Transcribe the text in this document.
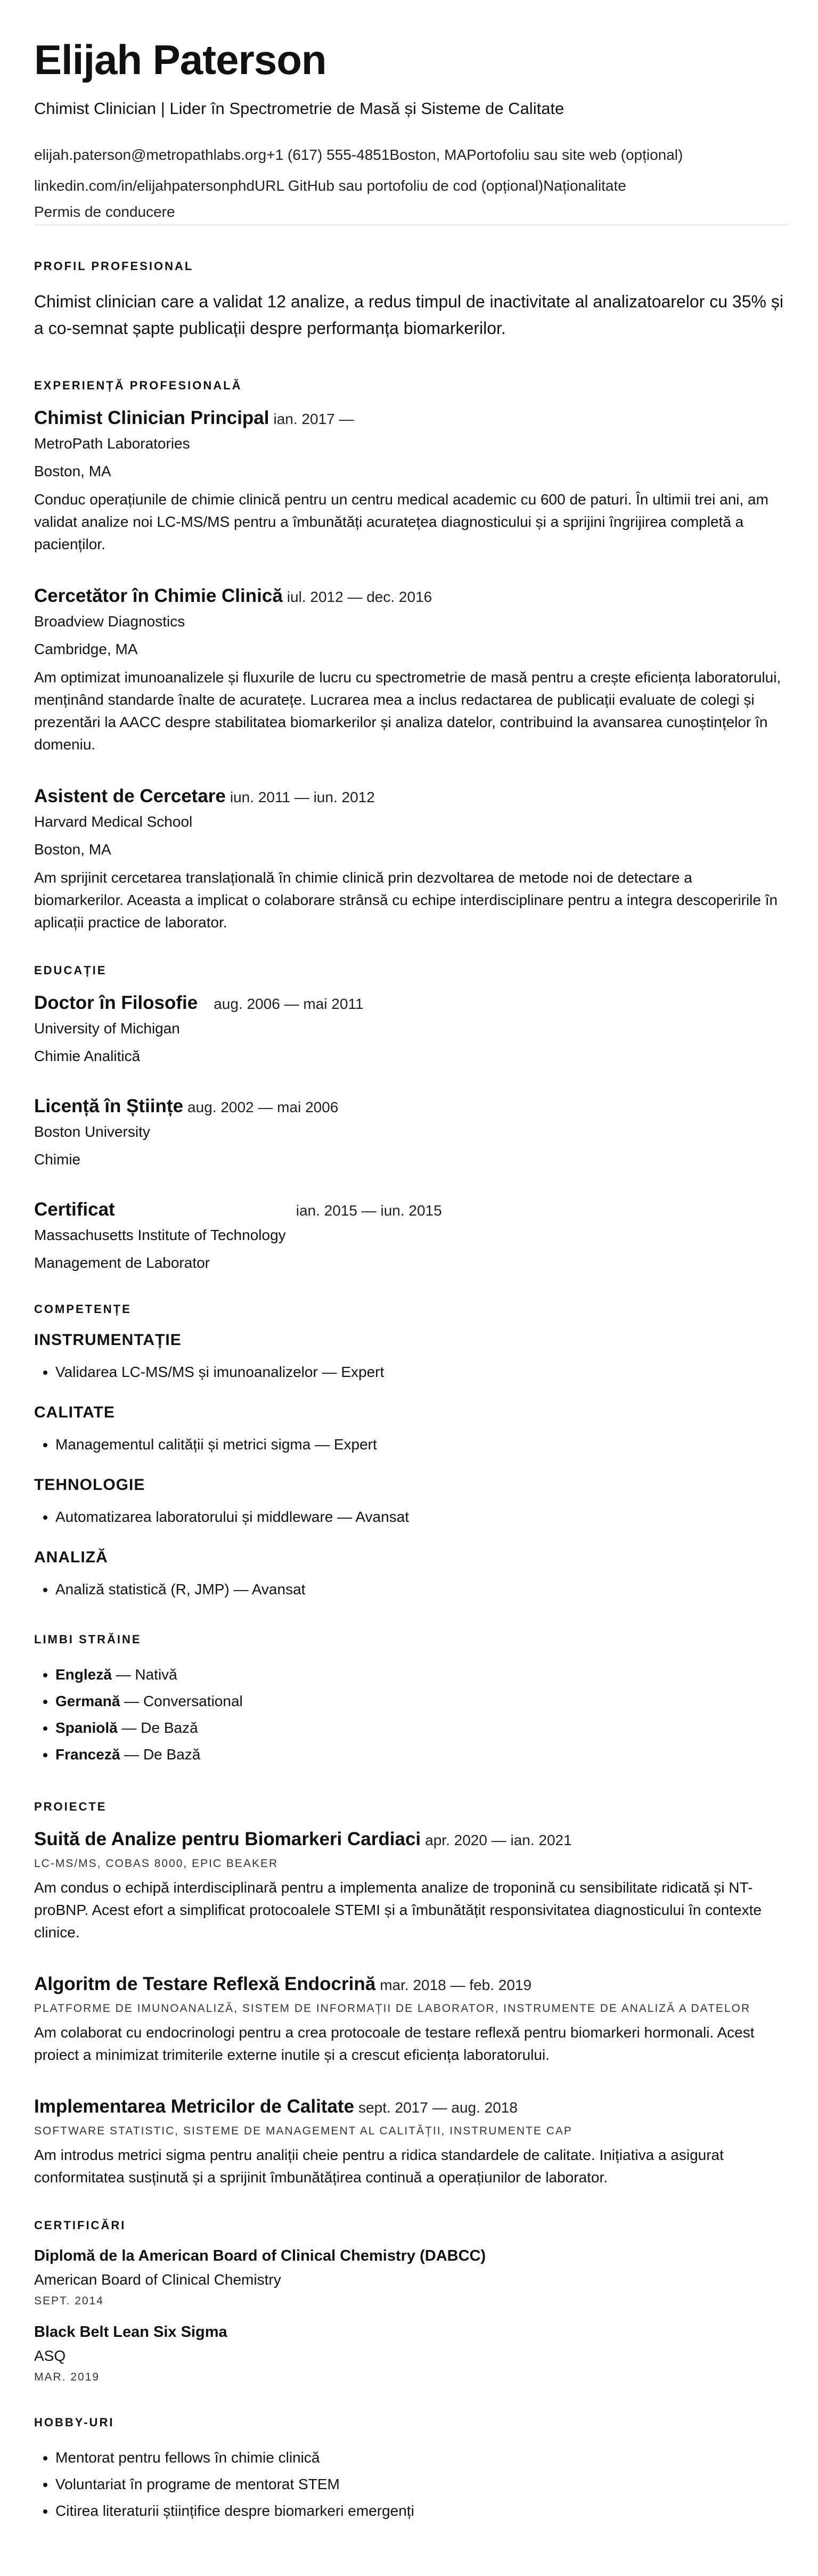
Elijah Paterson
Chimist Clinician | Lider în Spectrometrie de Masă și Sisteme de Calitate
elijah.paterson@metropathlabs.org+1 (617) 555-4851Boston, MAPortofoliu sau site web (opțional)
linkedin.com/in/elijahpatersonphdURL GitHub sau portofoliu de cod (opțional)Naționalitate
Permis de conducere
PROFIL PROFESIONAL
Chimist clinician care a validat 12 analize, a redus timpul de inactivitate al analizatoarelor cu 35% și a co-semnat șapte publicații despre performanța biomarkerilor.
EXPERIENȚĂ PROFESIONALĂ
Chimist Clinician Principal ian. 2017 —
MetroPath Laboratories
Boston, MA
Conduc operațiunile de chimie clinică pentru un centru medical academic cu 600 de paturi. În ultimii trei ani, am validat analize noi LC-MS/MS pentru a îmbunătăți acuratețea diagnosticului și a sprijini îngrijirea completă a pacienților.
Cercetător în Chimie Clinică iul. 2012 — dec. 2016
Broadview Diagnostics
Cambridge, MA
Am optimizat imunoanalizele și fluxurile de lucru cu spectrometrie de masă pentru a crește eficiența laboratorului, menținând standarde înalte de acuratețe. Lucrarea mea a inclus redactarea de publicații evaluate de colegi și prezentări la AACC despre stabilitatea biomarkerilor și analiza datelor, contribuind la avansarea cunoștințelor în domeniu.
Asistent de Cercetare iun. 2011 — iun. 2012
Harvard Medical School
Boston, MA
Am sprijinit cercetarea translațională în chimie clinică prin dezvoltarea de metode noi de detectare a biomarkerilor. Aceasta a implicat o colaborare strânsă cu echipe interdisciplinare pentru a integra descoperirile în aplicații practice de laborator.
EDUCAȚIE
Doctor în Filosofie aug. 2006 — mai 2011
University of Michigan
Chimie Analitică
Licență în Științe aug. 2002 — mai 2006
Boston University
Chimie
Certificat	ian. 2015 — iun. 2015
Massachusetts Institute of Technology
Management de Laborator
COMPETENȚE
INSTRUMENTAȚIE
• Validarea LC-MS/MS și imunoanalizelor — Expert
CALITATE
• Managementul calității și metrici sigma — Expert
TEHNOLOGIE
• Automatizarea laboratorului și middleware — Avansat
ANALIZĂ
• Analiză statistică (R, JMP) — Avansat
LIMBI STRĂINE
• Engleză — Nativă
• Germană — Conversational
• Spaniolă — De Bază
• Franceză — De Bază
PROIECTE
Suită de Analize pentru Biomarkeri Cardiaci apr. 2020 — ian. 2021
LC-MS/MS, COBAS 8000, EPIC BEAKER
Am condus o echipă interdisciplinară pentru a implementa analize de troponină cu sensibilitate ridicată și NT-proBNP. Acest efort a simplificat protocoalele STEMI și a îmbunătățit responsivitatea diagnosticului în contexte clinice.
Algoritm de Testare Reflexă Endocrină mar. 2018 — feb. 2019
PLATFORME DE IMUNOANALIZĂ, SISTEM DE INFORMAȚII DE LABORATOR, INSTRUMENTE DE ANALIZĂ A DATELOR
Am colaborat cu endocrinologi pentru a crea protocoale de testare reflexă pentru biomarkeri hormonali. Acest proiect a minimizat trimiterile externe inutile și a crescut eficiența laboratorului.
Implementarea Metricilor de Calitate sept. 2017 — aug. 2018
SOFTWARE STATISTIC, SISTEME DE MANAGEMENT AL CALITĂȚII, INSTRUMENTE CAP
Am introdus metrici sigma pentru analiții cheie pentru a ridica standardele de calitate. Inițiativa a asigurat conformitatea susținută și a sprijinit îmbunătățirea continuă a operațiunilor de laborator.
CERTIFICĂRI
Diplomă de la American Board of Clinical Chemistry (DABCC)
American Board of Clinical Chemistry
SEPT. 2014
Black Belt Lean Six Sigma
ASQ
MAR. 2019
HOBBY-URI
• Mentorat pentru fellows în chimie clinică
• Voluntariat în programe de mentorat STEM
• Citirea literaturii științifice despre biomarkeri emergenți
